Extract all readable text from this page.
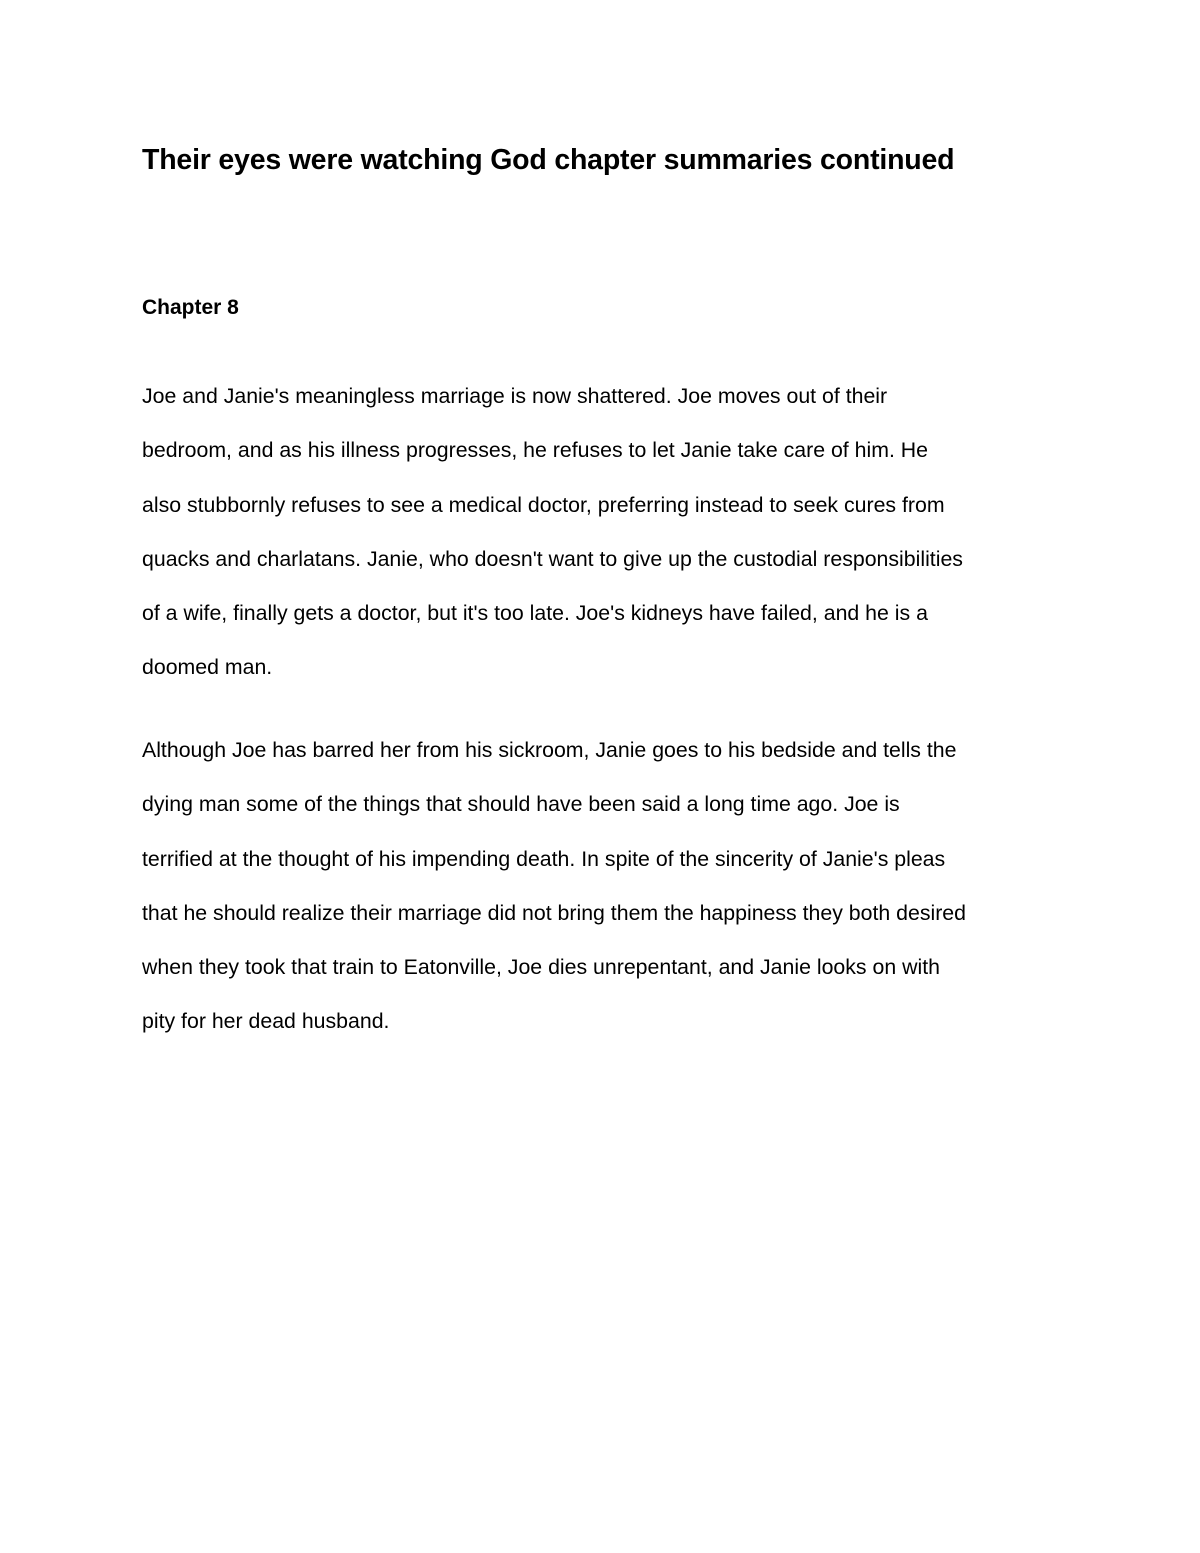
Their eyes were watching God chapter summaries continued
Chapter 8

Joe and Janie's meaningless marriage is now shattered. Joe moves out of their
bedroom, and as his illness progresses, he refuses to let Janie take care of him. He
also stubbornly refuses to see a medical doctor, preferring instead to seek cures from
quacks and charlatans. Janie, who doesn't want to give up the custodial responsibilities
of a wife, finally gets a doctor, but it's too late. Joe's kidneys have failed, and he is a
doomed man.

Although Joe has barred her from his sickroom, Janie goes to his bedside and tells the
dying man some of the things that should have been said a long time ago. Joe is
terrified at the thought of his impending death. In spite of the sincerity of Janie's pleas
that he should realize their marriage did not bring them the happiness they both desired
when they took that train to Eatonville, Joe dies unrepentant, and Janie looks on with
pity for her dead husband.
